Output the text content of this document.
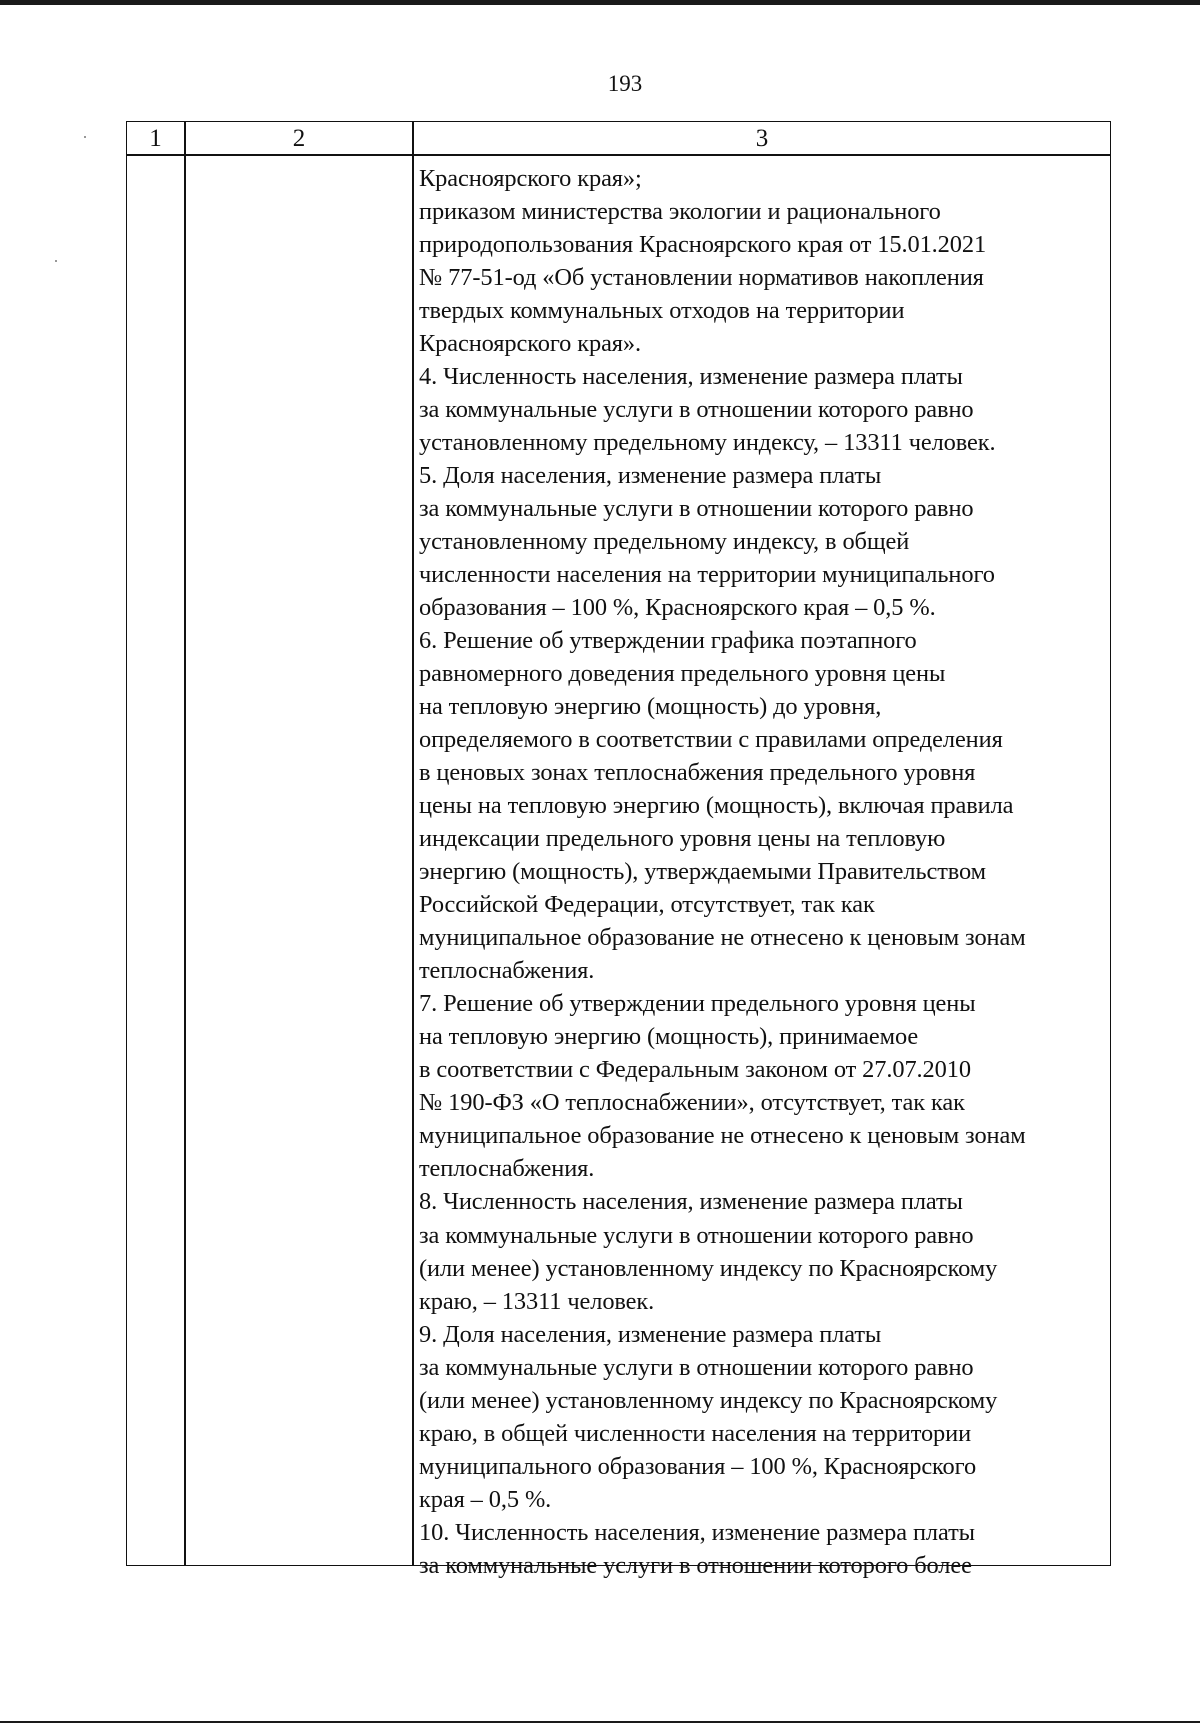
193
1	2	3
Красноярского края»;
приказом министерства экологии и рационального
природопользования Красноярского края от 15.01.2021
№ 77-51-од «Об установлении нормативов накопления
твердых коммунальных отходов на территории
Красноярского края».
4. Численность населения, изменение размера платы
за коммунальные услуги в отношении которого равно
установленному предельному индексу, – 13311 человек.
5. Доля населения, изменение размера платы
за коммунальные услуги в отношении которого равно
установленному предельному индексу, в общей
численности населения на территории муниципального
образования – 100 %, Красноярского края – 0,5 %.
6. Решение об утверждении графика поэтапного
равномерного доведения предельного уровня цены
на тепловую энергию (мощность) до уровня,
определяемого в соответствии с правилами определения
в ценовых зонах теплоснабжения предельного уровня
цены на тепловую энергию (мощность), включая правила
индексации предельного уровня цены на тепловую
энергию (мощность), утверждаемыми Правительством
Российской Федерации, отсутствует, так как
муниципальное образование не отнесено к ценовым зонам
теплоснабжения.
7. Решение об утверждении предельного уровня цены
на тепловую энергию (мощность), принимаемое
в соответствии с Федеральным законом от 27.07.2010
№ 190-ФЗ «О теплоснабжении», отсутствует, так как
муниципальное образование не отнесено к ценовым зонам
теплоснабжения.
8. Численность населения, изменение размера платы
за коммунальные услуги в отношении которого равно
(или менее) установленному индексу по Красноярскому
краю, – 13311 человек.
9. Доля населения, изменение размера платы
за коммунальные услуги в отношении которого равно
(или менее) установленному индексу по Красноярскому
краю, в общей численности населения на территории
муниципального образования – 100 %, Красноярского
края – 0,5 %.
10. Численность населения, изменение размера платы
за коммунальные услуги в отношении которого более
